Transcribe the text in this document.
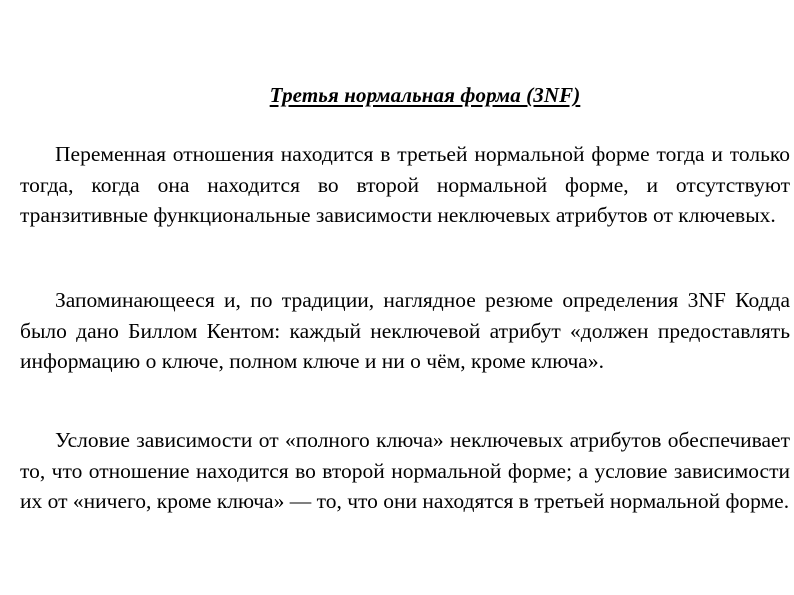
Третья нормальная форма (3NF)

Переменная отношения находится в третьей нормальной форме тогда и только тогда, когда она находится во второй нормальной форме, и отсутствуют транзитивные функциональные зависимости неключевых атрибутов от ключевых.

Запоминающееся и, по традиции, наглядное резюме определения 3NF Кодда было дано Биллом Кентом: каждый неключевой атрибут «должен предоставлять информацию о ключе, полном ключе и ни о чём, кроме ключа».

Условие зависимости от «полного ключа» неключевых атрибутов обеспечивает то, что отношение находится во второй нормальной форме; а условие зависимости их от «ничего, кроме ключа» — то, что они находятся в третьей нормальной форме.
